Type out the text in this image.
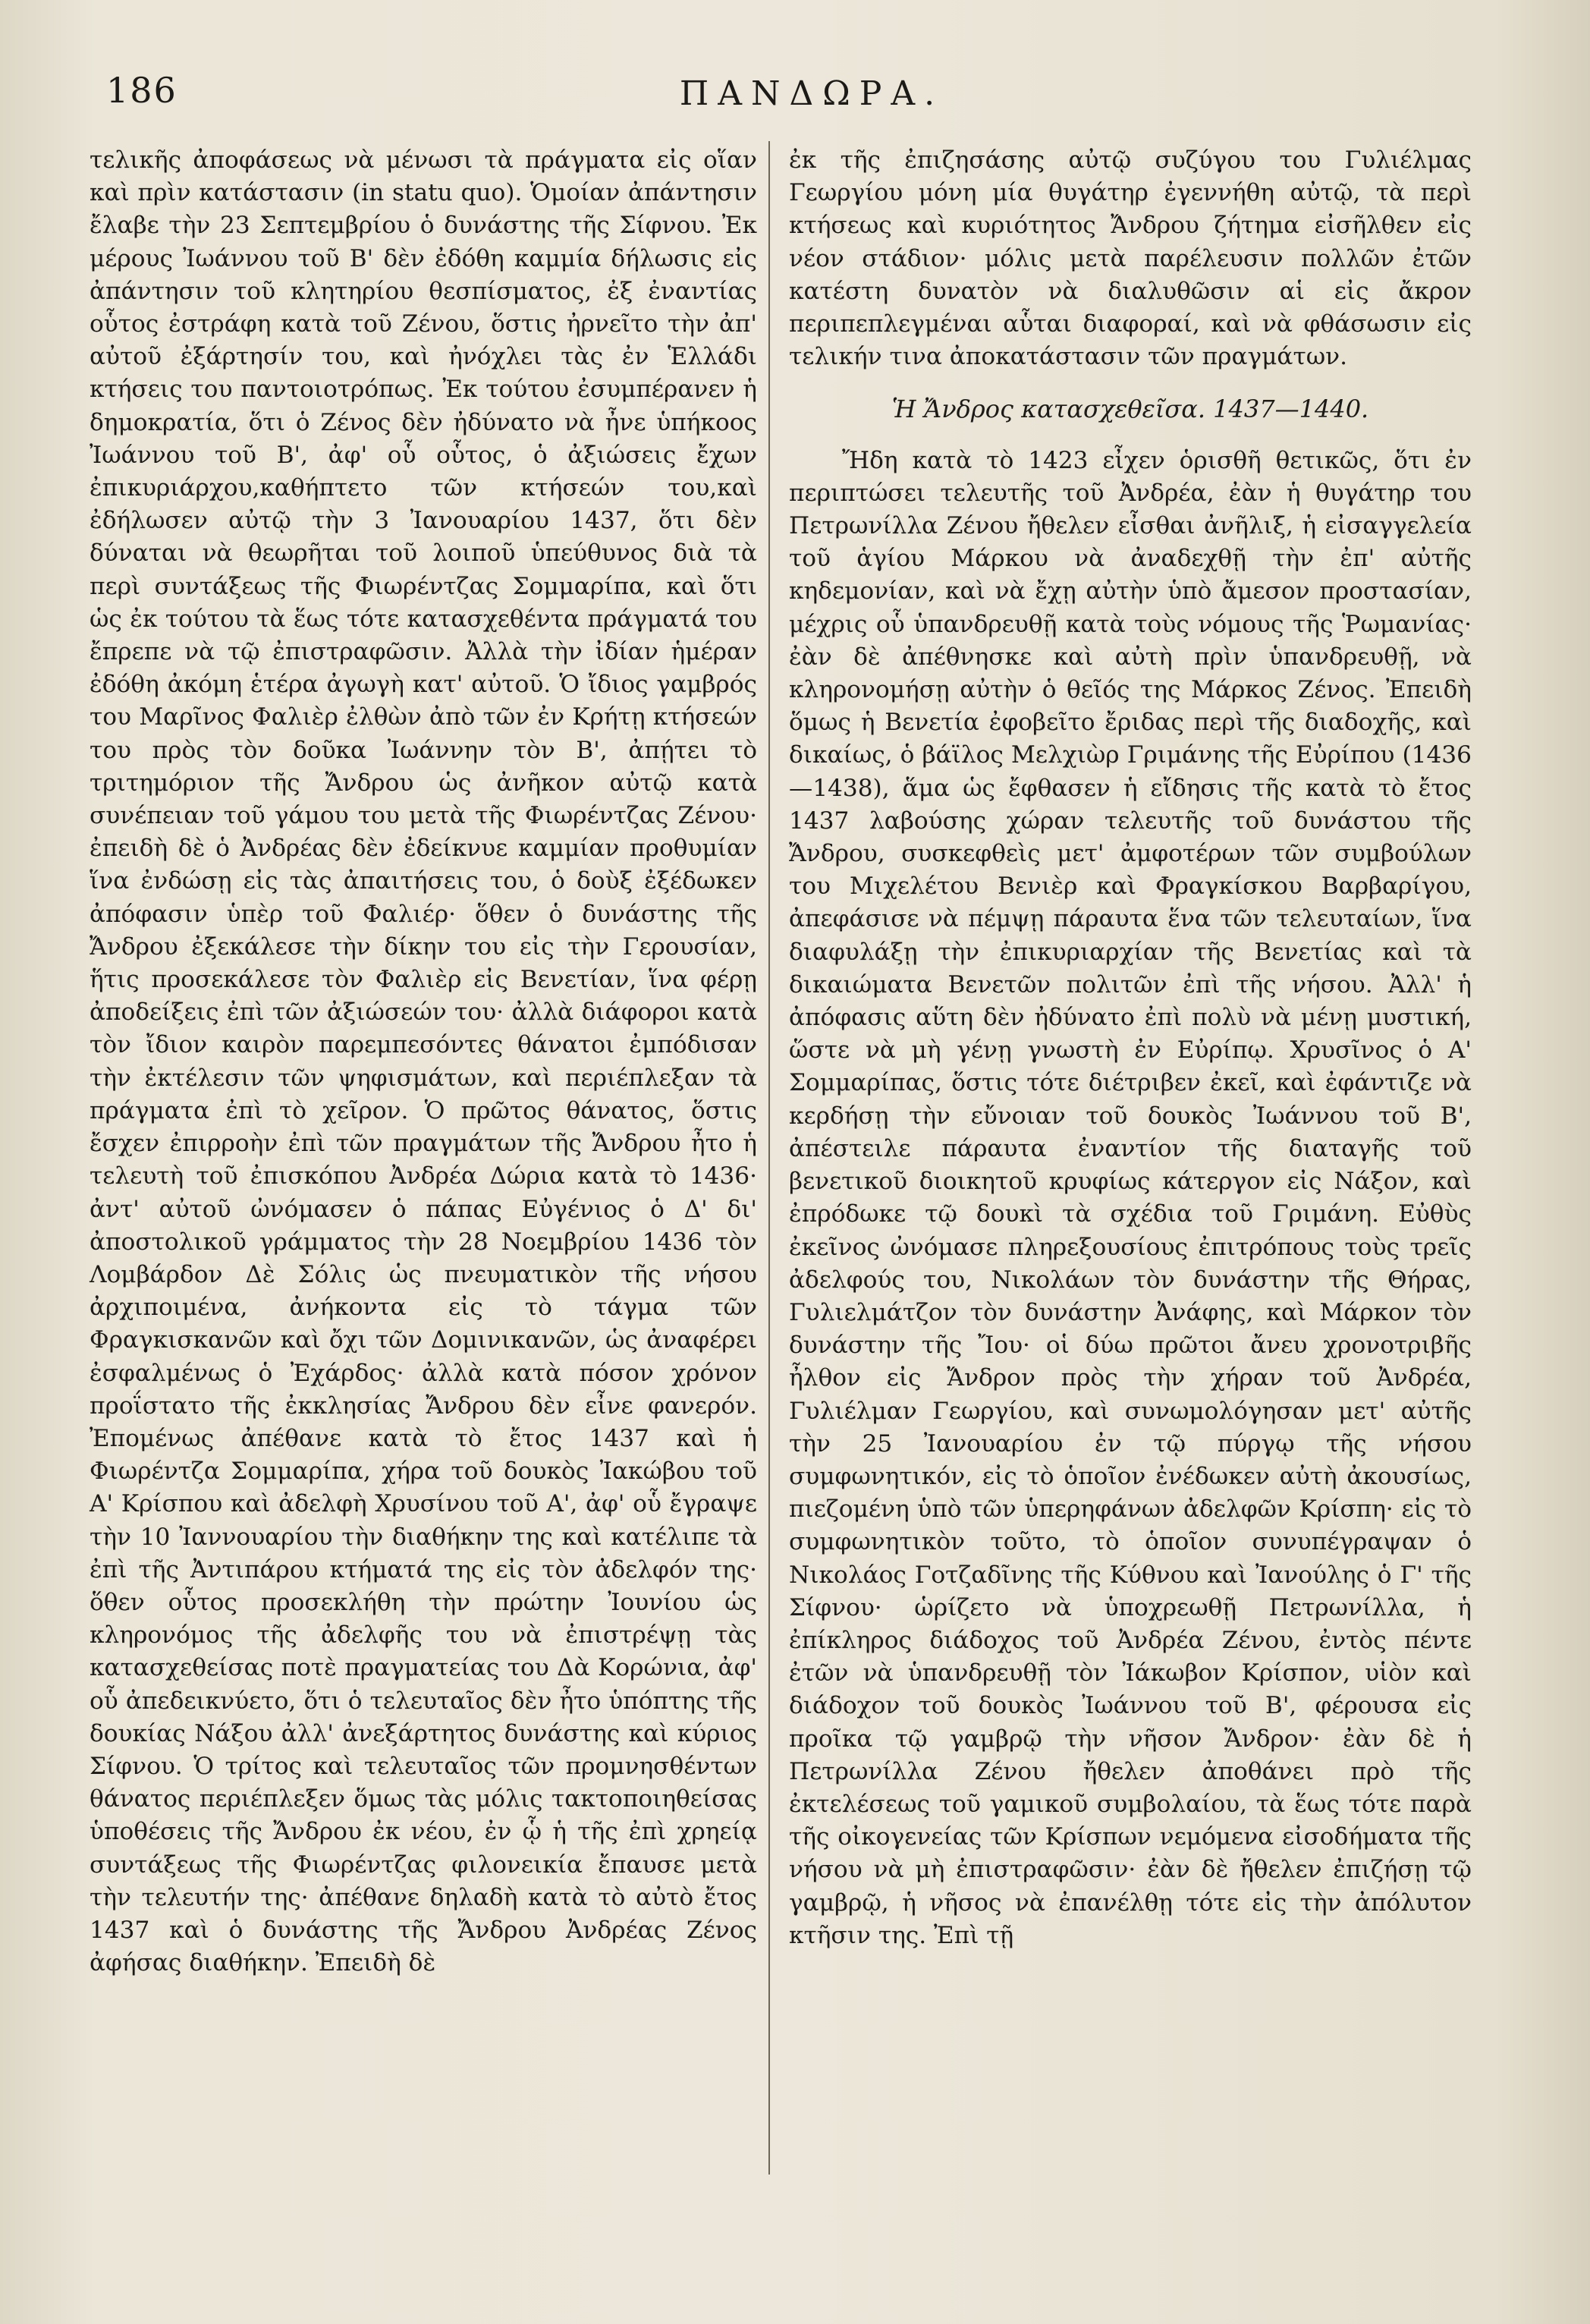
186	ΠΑΝΔΩΡΑ.

τελικῆς ἀποφάσεως νὰ μένωσι τὰ πράγματα εἰς οἵαν καὶ πρὶν κατάστασιν (in statu quo). Ὁμοίαν ἀπάντησιν ἔλαβε τὴν 23 Σεπτεμβρίου ὁ δυνάστης τῆς Σίφνου. Ἐκ μέρους Ἰωάννου τοῦ Β' δὲν ἐδόθη καμμία δήλωσις εἰς ἀπάντησιν τοῦ κλητηρίου θεσπίσματος, ἐξ ἐναντίας οὗτος ἐστράφη κατὰ τοῦ Ζένου, ὅστις ἠρνεῖτο τὴν ἀπ' αὐτοῦ ἐξάρτησίν του, καὶ ἠνόχλει τὰς ἐν Ἑλλάδι κτήσεις του παντοιοτρόπως. Ἐκ τούτου ἐσυμπέρανεν ἡ δημοκρατία, ὅτι ὁ Ζένος δὲν ἠδύνατο νὰ ἦνε ὑπήκοος Ἰωάννου τοῦ Β', ἀφ' οὗ οὗτος, ὁ ἀξιώσεις ἔχων ἐπικυριάρχου,καθήπτετο τῶν κτήσεών του,καὶ ἐδήλωσεν αὐτῷ τὴν 3 Ἰανουαρίου 1437, ὅτι δὲν δύναται νὰ θεωρῆται τοῦ λοιποῦ ὑπεύθυνος διὰ τὰ περὶ συντάξεως τῆς Φιωρέντζας Σομμαρίπα, καὶ ὅτι ὡς ἐκ τούτου τὰ ἕως τότε κατασχεθέντα πράγματά του ἔπρεπε νὰ τῷ ἐπιστραφῶσιν. Ἀλλὰ τὴν ἰδίαν ἡμέραν ἐδόθη ἀκόμη ἑτέρα ἀγωγὴ κατ' αὐτοῦ. Ὁ ἴδιος γαμβρός του Μαρῖνος Φαλιὲρ ἐλθὼν ἀπὸ τῶν ἐν Κρήτῃ κτήσεών του πρὸς τὸν δοῦκα Ἰωάννην τὸν Β', ἀπῄτει τὸ τριτημόριον τῆς Ἄνδρου ὡς ἀνῆκον αὐτῷ κατὰ συνέπειαν τοῦ γάμου του μετὰ τῆς Φιωρέντζας Ζένου· ἐπειδὴ δὲ ὁ Ἀνδρέας δὲν ἐδείκνυε καμμίαν προθυμίαν ἵνα ἐνδώσῃ εἰς τὰς ἀπαιτήσεις του, ὁ δοὺξ ἐξέδωκεν ἀπόφασιν ὑπὲρ τοῦ Φαλιέρ· ὅθεν ὁ δυνάστης τῆς Ἄνδρου ἐξεκάλεσε τὴν δίκην του εἰς τὴν Γερουσίαν, ἥτις προσεκάλεσε τὸν Φαλιὲρ εἰς Βενετίαν, ἵνα φέρῃ ἀποδείξεις ἐπὶ τῶν ἀξιώσεών του· ἀλλὰ διάφοροι κατὰ τὸν ἴδιον καιρὸν παρεμπεσόντες θάνατοι ἐμπόδισαν τὴν ἐκτέλεσιν τῶν ψηφισμάτων, καὶ περιέπλεξαν τὰ πράγματα ἐπὶ τὸ χεῖρον. Ὁ πρῶτος θάνατος, ὅστις ἔσχεν ἐπιρροὴν ἐπὶ τῶν πραγμάτων τῆς Ἄνδρου ἦτο ἡ τελευτὴ τοῦ ἐπισκόπου Ἀνδρέα Δώρια κατὰ τὸ 1436· ἀντ' αὐτοῦ ὠνόμασεν ὁ πάπας Εὐγένιος ὁ Δ' δι' ἀποστολικοῦ γράμματος τὴν 28 Νοεμβρίου 1436 τὸν Λομβάρδον Δὲ Σόλις ὡς πνευματικὸν τῆς νήσου ἀρχιποιμένα, ἀνήκοντα εἰς τὸ τάγμα τῶν Φραγκισκανῶν καὶ ὄχι τῶν Δομινικανῶν, ὡς ἀναφέρει ἐσφαλμένως ὁ Ἐχάρδος· ἀλλὰ κατὰ πόσον χρόνον προΐστατο τῆς ἐκκλησίας Ἄνδρου δὲν εἶνε φανερόν. Ἐπομένως ἀπέθανε κατὰ τὸ ἔτος 1437 καὶ ἡ Φιωρέντζα Σομμαρίπα, χήρα τοῦ δουκὸς Ἰακώβου τοῦ Α' Κρίσπου καὶ ἀδελφὴ Χρυσίνου τοῦ Α', ἀφ' οὗ ἔγραψε τὴν 10 Ἰαννουαρίου τὴν διαθήκην της καὶ κατέλιπε τὰ ἐπὶ τῆς Ἀντιπάρου κτήματά της εἰς τὸν ἀδελφόν της· ὅθεν οὗτος προσεκλήθη τὴν πρώτην Ἰουνίου ὡς κληρονόμος τῆς ἀδελφῆς του νὰ ἐπιστρέψῃ τὰς κατασχεθείσας ποτὲ πραγματείας του Δὰ Κορώνια, ἀφ' οὗ ἀπεδεικνύετο, ὅτι ὁ τελευταῖος δὲν ἦτο ὑπόπτης τῆς δουκίας Νάξου ἀλλ' ἀνεξάρτητος δυνάστης καὶ κύριος Σίφνου. Ὁ τρίτος καὶ τελευταῖος τῶν προμνησθέντων θάνατος περιέπλεξεν ὅμως τὰς μόλις τακτοποιηθείσας ὑποθέσεις τῆς Ἄνδρου ἐκ νέου, ἐν ᾧ ἡ τῆς ἐπὶ χρηείᾳ συντάξεως τῆς Φιωρέντζας φιλονεικία ἔπαυσε μετὰ τὴν τελευτήν της· ἀπέθανε δηλαδὴ κατὰ τὸ αὐτὸ ἔτος 1437 καὶ ὁ δυνάστης τῆς Ἄνδρου Ἀνδρέας Ζένος ἀφήσας διαθήκην. Ἐπειδὴ δὲ

ἐκ τῆς ἐπιζησάσης αὐτῷ συζύγου του Γυλιέλμας Γεωργίου μόνη μία θυγάτηρ ἐγεννήθη αὐτῷ, τὰ περὶ κτήσεως καὶ κυριότητος Ἄνδρου ζήτημα εἰσῆλθεν εἰς νέον στάδιον· μόλις μετὰ παρέλευσιν πολλῶν ἐτῶν κατέστη δυνατὸν νὰ διαλυθῶσιν αἱ εἰς ἄκρον περιπεπλεγμέναι αὗται διαφοραί, καὶ νὰ φθάσωσιν εἰς τελικήν τινα ἀποκατάστασιν τῶν πραγμάτων.

Ἡ Ἄνδρος κατασχεθεῖσα. 1437—1440.

Ἤδη κατὰ τὸ 1423 εἶχεν ὁρισθῆ θετικῶς, ὅτι ἐν περιπτώσει τελευτῆς τοῦ Ἀνδρέα, ἐὰν ἡ θυγάτηρ του Πετρωνίλλα Ζένου ἤθελεν εἶσθαι ἀνῆλιξ, ἡ εἰσαγγελεία τοῦ ἁγίου Μάρκου νὰ ἀναδεχθῇ τὴν ἐπ' αὐτῆς κηδεμονίαν, καὶ νὰ ἔχῃ αὐτὴν ὑπὸ ἄμεσον προστασίαν, μέχρις οὗ ὑπανδρευθῇ κατὰ τοὺς νόμους τῆς Ῥωμανίας· ἐὰν δὲ ἀπέθνησκε καὶ αὐτὴ πρὶν ὑπανδρευθῇ, νὰ κληρονομήσῃ αὐτὴν ὁ θεῖός της Μάρκος Ζένος. Ἐπειδὴ ὅμως ἡ Βενετία ἐφοβεῖτο ἔριδας περὶ τῆς διαδοχῆς, καὶ δικαίως, ὁ βάϊλος Μελχιὼρ Γριμάνης τῆς Εὐρίπου (1436—1438), ἅμα ὡς ἔφθασεν ἡ εἴδησις τῆς κατὰ τὸ ἔτος 1437 λαβούσης χώραν τελευτῆς τοῦ δυνάστου τῆς Ἄνδρου, συσκεφθεὶς μετ' ἀμφοτέρων τῶν συμβούλων του Μιχελέτου Βενιὲρ καὶ Φραγκίσκου Βαρβαρίγου, ἀπεφάσισε νὰ πέμψῃ πάραυτα ἕνα τῶν τελευταίων, ἵνα διαφυλάξῃ τὴν ἐπικυριαρχίαν τῆς Βενετίας καὶ τὰ δικαιώματα Βενετῶν πολιτῶν ἐπὶ τῆς νήσου. Ἀλλ' ἡ ἀπόφασις αὕτη δὲν ἠδύνατο ἐπὶ πολὺ νὰ μένῃ μυστική, ὥστε νὰ μὴ γένῃ γνωστὴ ἐν Εὐρίπῳ. Χρυσῖνος ὁ Α' Σομμαρίπας, ὅστις τότε διέτριβεν ἐκεῖ, καὶ ἐφάντιζε νὰ κερδήσῃ τὴν εὔνοιαν τοῦ δουκὸς Ἰωάννου τοῦ Β', ἀπέστειλε πάραυτα ἐναντίον τῆς διαταγῆς τοῦ βενετικοῦ διοικητοῦ κρυφίως κάτεργον εἰς Νάξον, καὶ ἐπρόδωκε τῷ δουκὶ τὰ σχέδια τοῦ Γριμάνη. Εὐθὺς ἐκεῖνος ὠνόμασε πληρεξουσίους ἐπιτρόπους τοὺς τρεῖς ἀδελφούς του, Νικολάων τὸν δυνάστην τῆς Θήρας, Γυλιελμάτζον τὸν δυνάστην Ἀνάφης, καὶ Μάρκον τὸν δυνάστην τῆς Ἴου· οἱ δύω πρῶτοι ἄνευ χρονοτριβῆς ἦλθον εἰς Ἄνδρον πρὸς τὴν χήραν τοῦ Ἀνδρέα, Γυλιέλμαν Γεωργίου, καὶ συνωμολόγησαν μετ' αὐτῆς τὴν 25 Ἰανουαρίου ἐν τῷ πύργῳ τῆς νήσου συμφωνητικόν, εἰς τὸ ὁποῖον ἐνέδωκεν αὐτὴ ἀκουσίως, πιεζομένη ὑπὸ τῶν ὑπερηφάνων ἀδελφῶν Κρίσπη· εἰς τὸ συμφωνητικὸν τοῦτο, τὸ ὁποῖον συνυπέγραψαν ὁ Νικολάος Γοτζαδῖνης τῆς Κύθνου καὶ Ἰανούλης ὁ Γ' τῆς Σίφνου· ὡρίζετο νὰ ὑποχρεωθῇ Πετρωνίλλα, ἡ ἐπίκληρος διάδοχος τοῦ Ἀνδρέα Ζένου, ἐντὸς πέντε ἐτῶν νὰ ὑπανδρευθῇ τὸν Ἰάκωβον Κρίσπον, υἱὸν καὶ διάδοχον τοῦ δουκὸς Ἰωάννου τοῦ Β', φέρουσα εἰς προῖκα τῷ γαμβρῷ τὴν νῆσον Ἄνδρον· ἐὰν δὲ ἡ Πετρωνίλλα Ζένου ἤθελεν ἀποθάνει πρὸ τῆς ἐκτελέσεως τοῦ γαμικοῦ συμβολαίου, τὰ ἕως τότε παρὰ τῆς οἰκογενείας τῶν Κρίσπων νεμόμενα εἰσοδήματα τῆς νήσου νὰ μὴ ἐπιστραφῶσιν· ἐὰν δὲ ἤθελεν ἐπιζήσῃ τῷ γαμβρῷ, ἡ νῆσος νὰ ἐπανέλθῃ τότε εἰς τὴν ἀπόλυτον κτῆσιν της. Ἐπὶ τῇ
